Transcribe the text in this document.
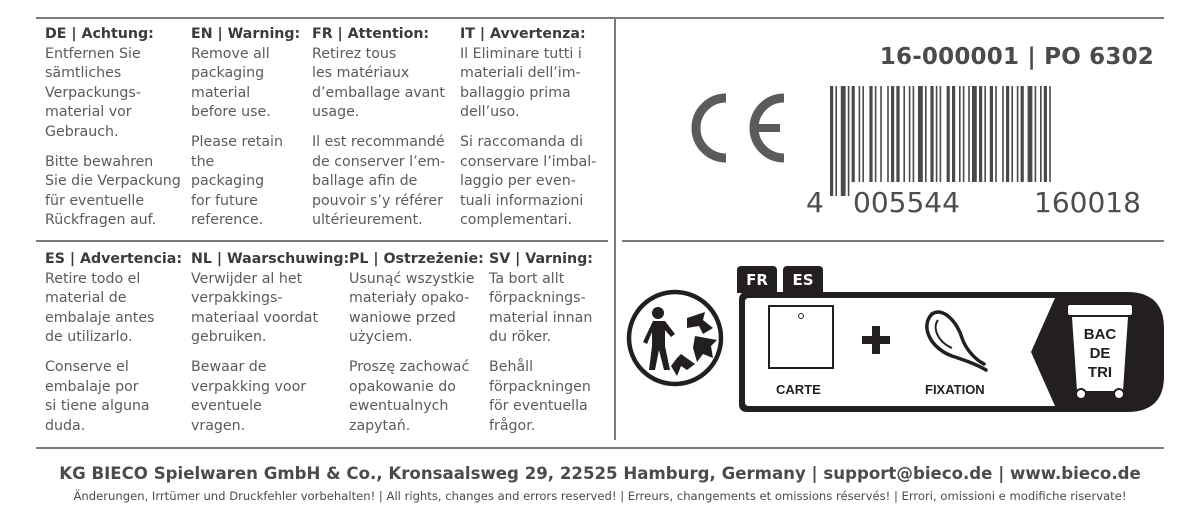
DE | Achtung:
Entfernen Sie
sämtliches
Verpackungs-
material vor
Gebrauch.
Bitte bewahren
Sie die Verpackung
für eventuelle
Rückfragen auf.
EN | Warning:
Remove all
packaging
material
before use.
Please retain
the
packaging
for future
reference.
FR | Attention:
Retirez tous
les matériaux
d’emballage avant
usage.
Il est recommandé
de conserver l’em-
ballage afin de
pouvoir s’y référer
ultérieurement.
IT | Avvertenza:
Il Eliminare tutti i
materiali dell’im-
ballaggio prima
dell’uso.
Si raccomanda di
conservare l’imbal-
laggio per even-
tuali informazioni
complementari.
ES | Advertencia:
Retire todo el
material de
embalaje antes
de utilizarlo.
Conserve el
embalaje por
si tiene alguna
duda.
NL | Waarschuwing:
Verwijder al het
verpakkings-
materiaal voordat
gebruiken.
Bewaar de
verpakking voor
eventuele
vragen.
PL | Ostrzeżenie:
Usunąć wszystkie
materiały opako-
waniowe przed
użyciem.
Proszę zachować
opakowanie do
ewentualnych
zapytań.
SV | Varning:
Ta bort allt
förpacknings-
material innan
du röker.
Behåll
förpackningen
för eventuella
frågor.
16-000001 | PO 6302
4 005544	160018
FR	ES
CARTE	FIXATION
BAC
DE
TRI
KG BIECO Spielwaren GmbH & Co., Kronsaalsweg 29, 22525 Hamburg, Germany | support@bieco.de | www.bieco.de
Änderungen, Irrtümer und Druckfehler vorbehalten! | All rights, changes and errors reserved! | Erreurs, changements et omissions réservés! | Errori, omissioni e modifiche riservate!
